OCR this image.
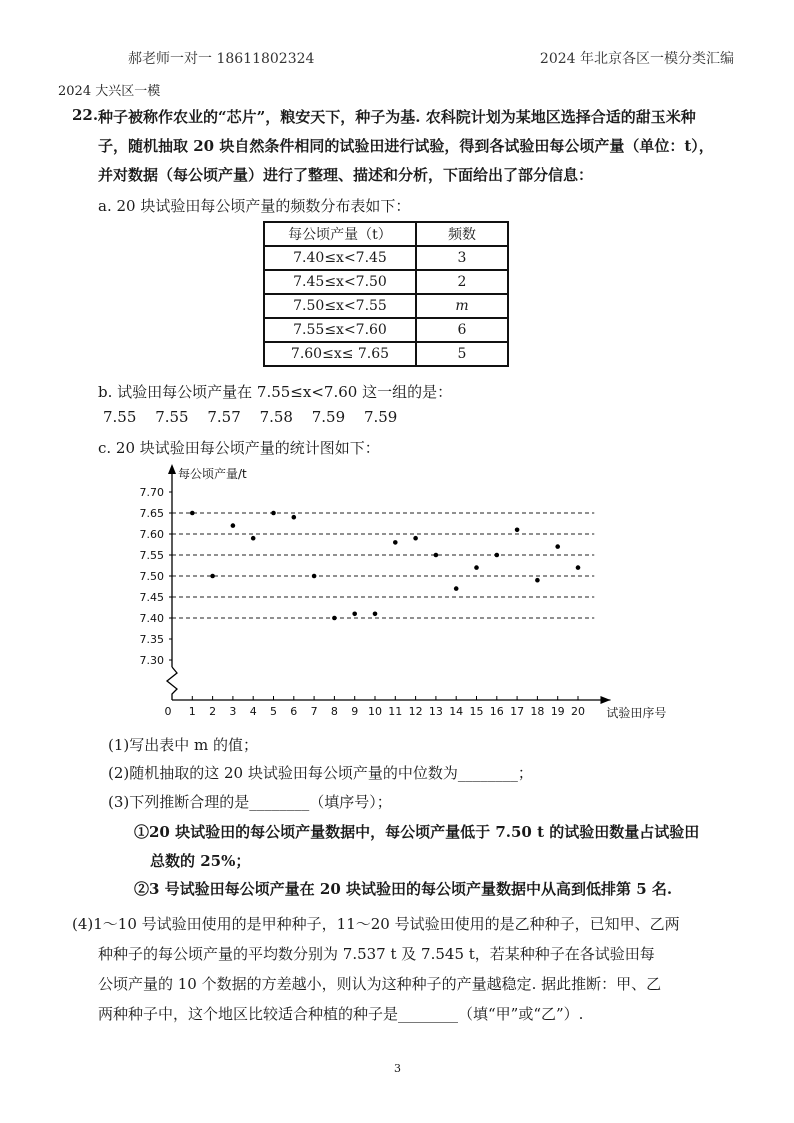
郝老师一对一 18611802324	2024 年北京各区一模分类汇编
2024 大兴区一模
22. 种子被称作农业的“芯片”，粮安天下，种子为基. 农科院计划为某地区选择合适的甜玉米种
子，随机抽取 20 块自然条件相同的试验田进行试验，得到各试验田每公顷产量（单位：t），
并对数据（每公顷产量）进行了整理、描述和分析，下面给出了部分信息：
a. 20 块试验田每公顷产量的频数分布表如下：
每公顷产量（t）	频数
7.40≤x<7.45	3
7.45≤x<7.50	2
7.50≤x<7.55	m
7.55≤x<7.60	6
7.60≤x≤ 7.65	5
b. 试验田每公顷产量在 7.55≤x<7.60 这一组的是：
7.55 7.55 7.57 7.58 7.59 7.59
c. 20 块试验田每公顷产量的统计图如下：
7.30
7.35
7.40
7.45
7.50
7.55
7.60
7.65
7.70
0 1 2 3 4 5 6 7 8 9 10 11 12 13 14 15 16 17 18 19 20
每公顷产量/t
试验田序号
(1)写出表中 m 的值；
(2)随机抽取的这 20 块试验田每公顷产量的中位数为________；
(3)下列推断合理的是________（填序号）；
①20 块试验田的每公顷产量数据中，每公顷产量低于 7.50 t 的试验田数量占试验田
总数的 25%；
②3 号试验田每公顷产量在 20 块试验田的每公顷产量数据中从高到低排第 5 名.
(4)1～10 号试验田使用的是甲种种子，11～20 号试验田使用的是乙种种子，已知甲、乙两
种种子的每公顷产量的平均数分别为 7.537 t 及 7.545 t，若某种种子在各试验田每
公顷产量的 10 个数据的方差越小，则认为这种种子的产量越稳定. 据此推断：甲、乙
两种种子中，这个地区比较适合种植的种子是________（填“甲”或“乙”）.
3
